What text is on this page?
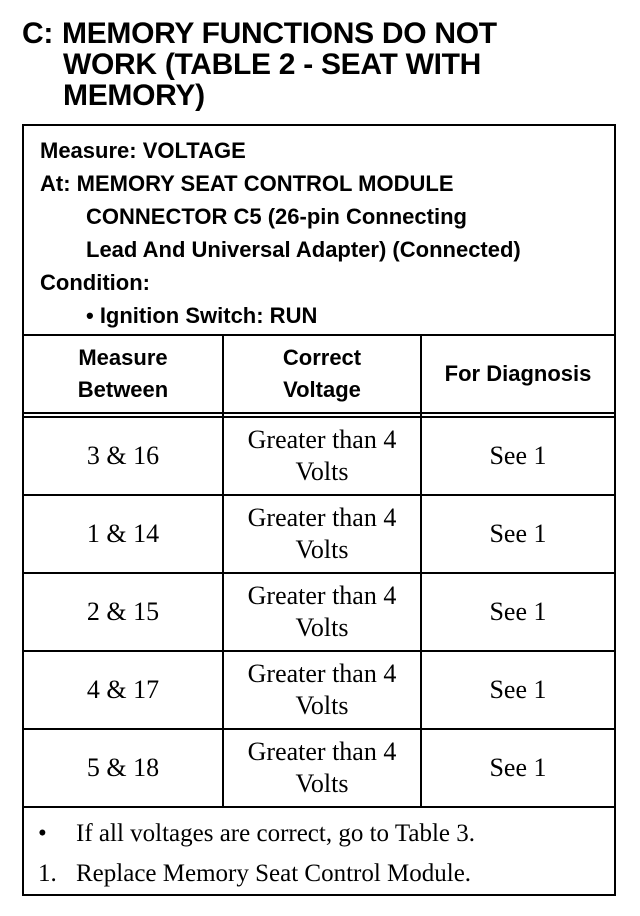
C: MEMORY FUNCTIONS DO NOT
WORK (TABLE 2 - SEAT WITH
MEMORY)
Measure: VOLTAGE
At: MEMORY SEAT CONTROL MODULE
CONNECTOR C5 (26-pin Connecting
Lead And Universal Adapter) (Connected)
Condition:
• Ignition Switch: RUN
Measure
Between
Correct
Voltage
For Diagnosis
3 & 16
Greater than 4
Volts
See 1
1 & 14
Greater than 4
Volts
See 1
2 & 15
Greater than 4
Volts
See 1
4 & 17
Greater than 4
Volts
See 1
5 & 18
Greater than 4
Volts
See 1
• If all voltages are correct, go to Table 3.
1. Replace Memory Seat Control Module.
